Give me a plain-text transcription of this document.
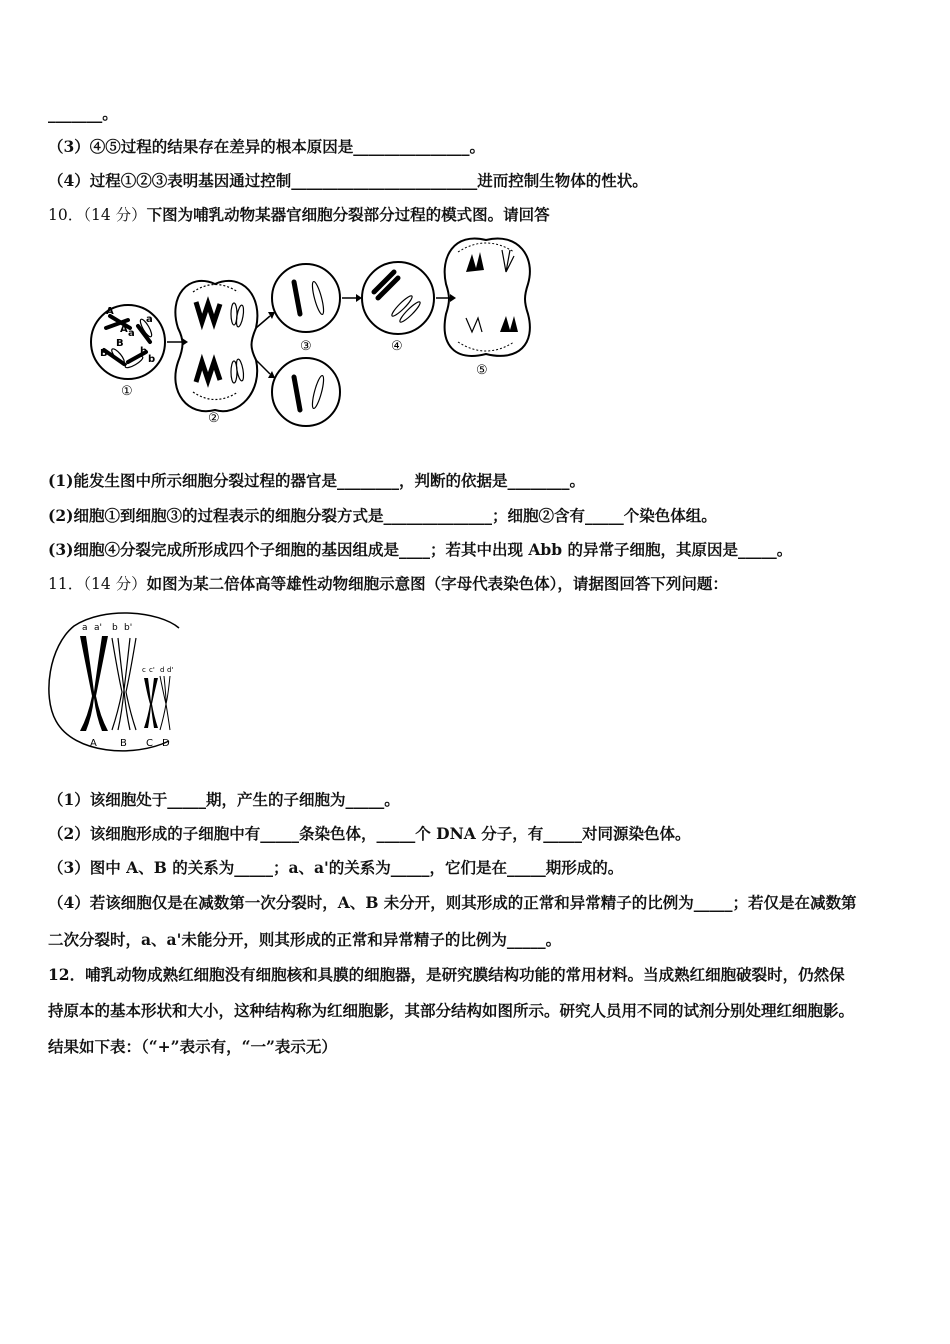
_______。
（3）④⑤过程的结果存在差异的根本原因是_______________。
（4）过程①②③表明基因通过控制________________________进而控制生物体的性状。
10．（14 分）下图为哺乳动物某器官细胞分裂部分过程的模式图。请回答
A
a
A a
B
B	b
b
①
②
③	④
⑤
(1)能发生图中所示细胞分裂过程的器官是________，判断的依据是________。
(2)细胞①到细胞③的过程表示的细胞分裂方式是______________；细胞②含有_____个染色体组。
(3)细胞④分裂完成所形成四个子细胞的基因组成是____；若其中出现 Abb 的异常子细胞，其原因是_____。
11．（14 分）如图为某二倍体高等雄性动物细胞示意图（字母代表染色体），请据图回答下列问题：
a a' b b'
c c' d d'
A B C D
（1）该细胞处于_____期，产生的子细胞为_____。
（2）该细胞形成的子细胞中有_____条染色体，_____个 DNA 分子，有_____对同源染色体。
（3）图中 A、B 的关系为_____；a、a'的关系为_____，它们是在_____期形成的。
（4）若该细胞仅是在减数第一次分裂时，A、B 未分开，则其形成的正常和异常精子的比例为_____；若仅是在减数第
二次分裂时，a、a'未能分开，则其形成的正常和异常精子的比例为_____。
12．哺乳动物成熟红细胞没有细胞核和具膜的细胞器，是研究膜结构功能的常用材料。当成熟红细胞破裂时，仍然保
持原本的基本形状和大小，这种结构称为红细胞影，其部分结构如图所示。研究人员用不同的试剂分别处理红细胞影。
结果如下表：（“+”表示有，“一”表示无）
